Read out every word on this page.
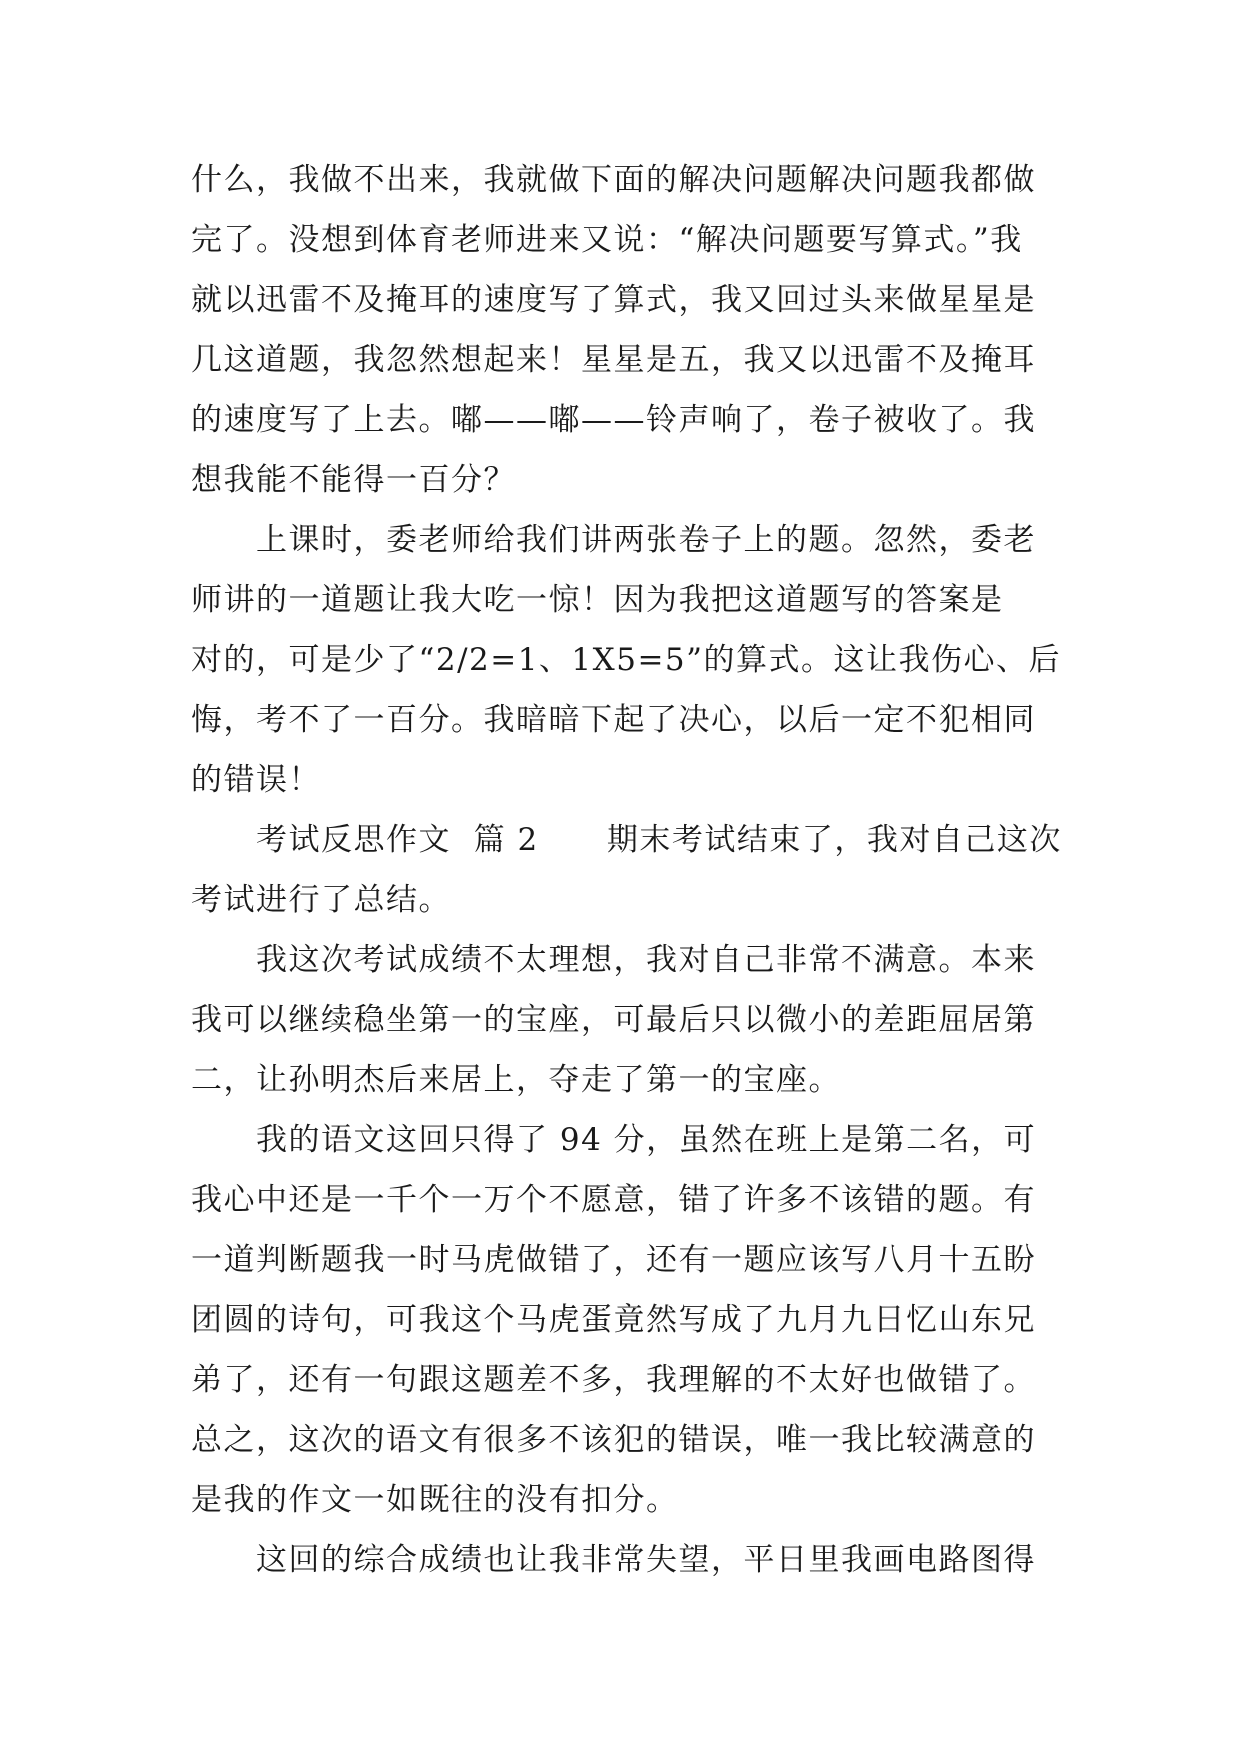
什么，我做不出来，我就做下面的解决问题解决问题我都做
完了。没想到体育老师进来又说：“解决问题要写算式。”我
就以迅雷不及掩耳的速度写了算式，我又回过头来做星星是
几这道题，我忽然想起来！星星是五，我又以迅雷不及掩耳
的速度写了上去。嘟——嘟——铃声响了，卷子被收了。我
想我能不能得一百分？
上课时，委老师给我们讲两张卷子上的题。忽然，委老
师讲的一道题让我大吃一惊！因为我把这道题写的答案是
对的，可是少了“2/2=1、1X5=5”的算式。这让我伤心、后
悔，考不了一百分。我暗暗下起了决心，以后一定不犯相同
的错误！
考试反思作文  篇 2      期末考试结束了，我对自己这次
考试进行了总结。
我这次考试成绩不太理想，我对自己非常不满意。本来
我可以继续稳坐第一的宝座，可最后只以微小的差距屈居第
二，让孙明杰后来居上，夺走了第一的宝座。
我的语文这回只得了 94 分，虽然在班上是第二名，可
我心中还是一千个一万个不愿意，错了许多不该错的题。有
一道判断题我一时马虎做错了，还有一题应该写八月十五盼
团圆的诗句，可我这个马虎蛋竟然写成了九月九日忆山东兄
弟了，还有一句跟这题差不多，我理解的不太好也做错了。
总之，这次的语文有很多不该犯的错误，唯一我比较满意的
是我的作文一如既往的没有扣分。
这回的综合成绩也让我非常失望，平日里我画电路图得
